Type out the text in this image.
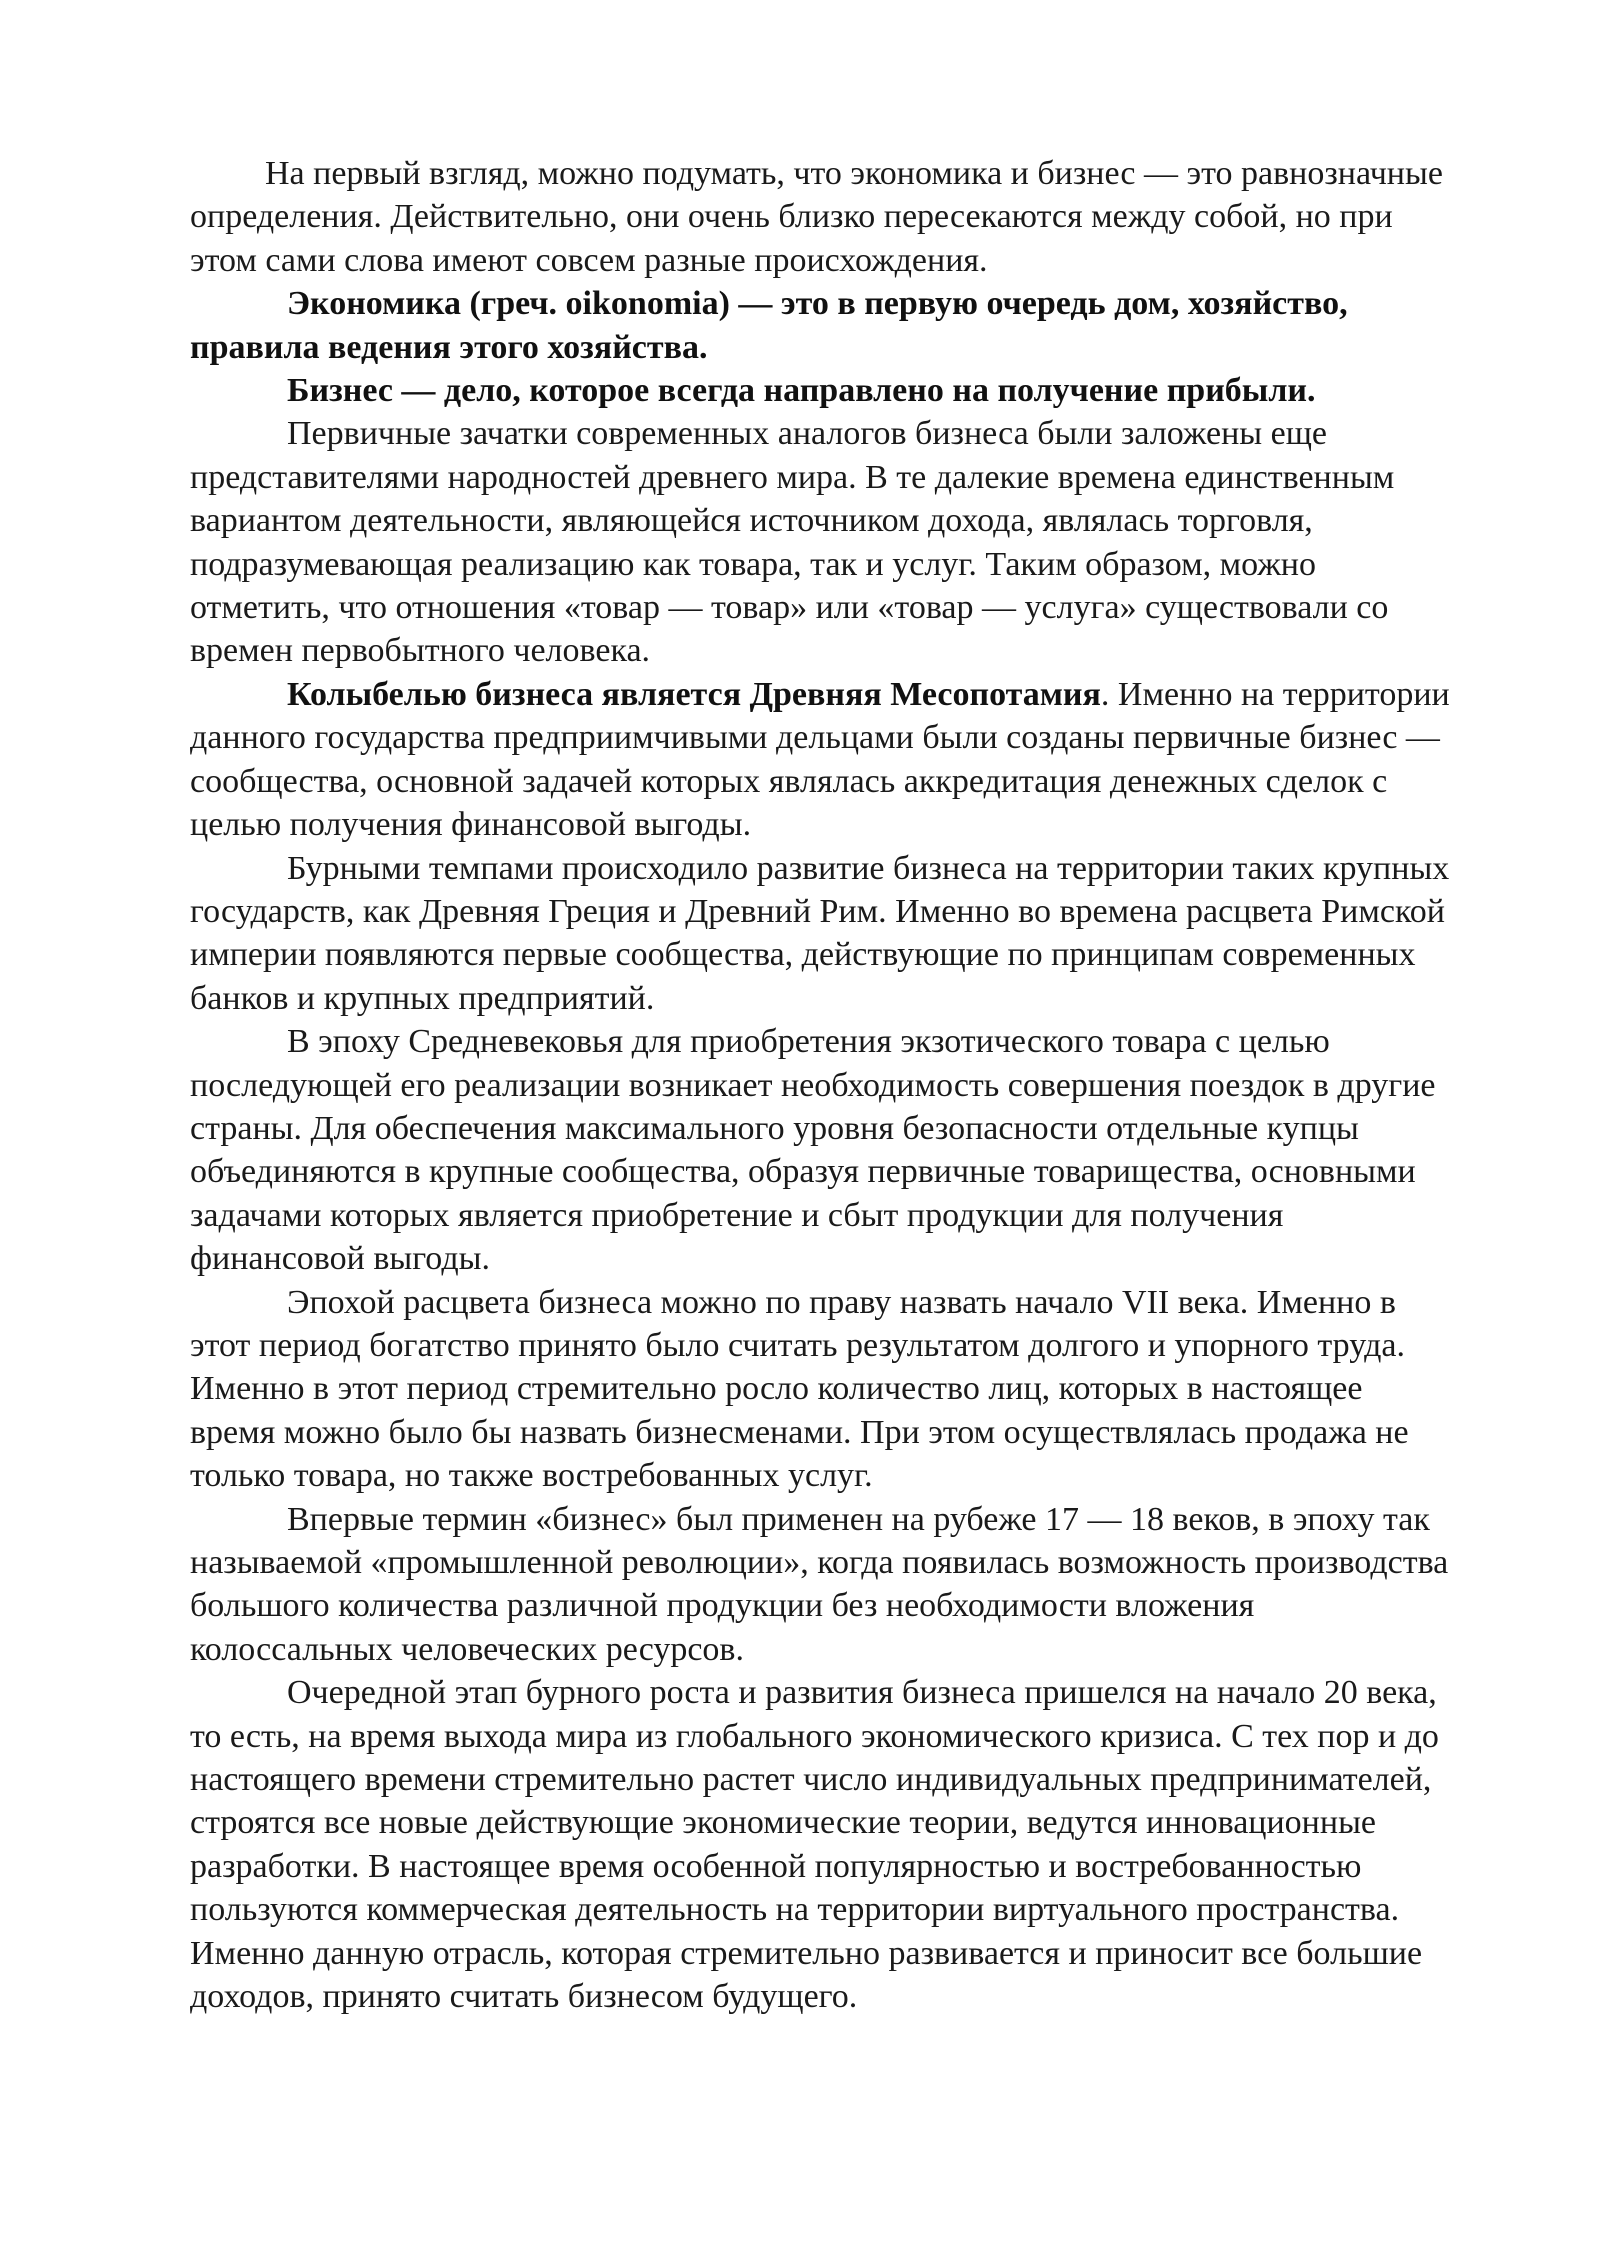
На первый взгляд, можно подумать, что экономика и бизнес — это равнозначные определения. Действительно, они очень близко пересекаются между собой, но при этом сами слова имеют совсем разные происхождения.

Экономика (греч. oikonomia) — это в первую очередь дом, хозяйство, правила ведения этого хозяйства.

Бизнес — дело, которое всегда направлено на получение прибыли.

Первичные зачатки современных аналогов бизнеса были заложены еще представителями народностей древнего мира. В те далекие времена единственным вариантом деятельности, являющейся источником дохода, являлась торговля, подразумевающая реализацию как товара, так и услуг. Таким образом, можно отметить, что отношения «товар — товар» или «товар — услуга» существовали со времен первобытного человека.

Колыбелью бизнеса является Древняя Месопотамия. Именно на территории данного государства предприимчивыми дельцами были созданы первичные бизнес — сообщества, основной задачей которых являлась аккредитация денежных сделок с целью получения финансовой выгоды.

Бурными темпами происходило развитие бизнеса на территории таких крупных государств, как Древняя Греция и Древний Рим. Именно во времена расцвета Римской империи появляются первые сообщества, действующие по принципам современных банков и крупных предприятий.

В эпоху Средневековья для приобретения экзотического товара с целью последующей его реализации возникает необходимость совершения поездок в другие страны. Для обеспечения максимального уровня безопасности отдельные купцы объединяются в крупные сообщества, образуя первичные товарищества, основными задачами которых является приобретение и сбыт продукции для получения финансовой выгоды.

Эпохой расцвета бизнеса можно по праву назвать начало VII века. Именно в этот период богатство принято было считать результатом долгого и упорного труда. Именно в этот период стремительно росло количество лиц, которых в настоящее время можно было бы назвать бизнесменами. При этом осуществлялась продажа не только товара, но также востребованных услуг.

Впервые термин «бизнес» был применен на рубеже 17 — 18 веков, в эпоху так называемой «промышленной революции», когда появилась возможность производства большого количества различной продукции без необходимости вложения колоссальных человеческих ресурсов.

Очередной этап бурного роста и развития бизнеса пришелся на начало 20 века, то есть, на время выхода мира из глобального экономического кризиса. С тех пор и до настоящего времени стремительно растет число индивидуальных предпринимателей, строятся все новые действующие экономические теории, ведутся инновационные разработки. В настоящее время особенной популярностью и востребованностью пользуются коммерческая деятельность на территории виртуального пространства. Именно данную отрасль, которая стремительно развивается и приносит все большие доходов, принято считать бизнесом будущего.
